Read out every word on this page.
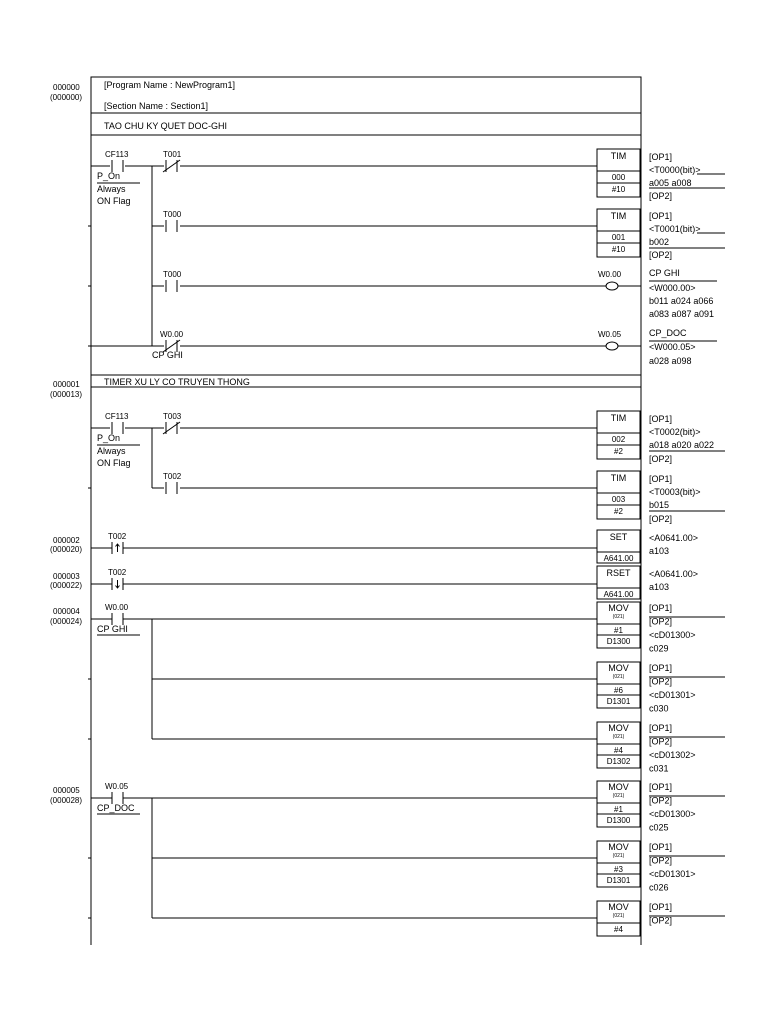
[Program Name : NewProgram1]
[Section Name : Section1]
TAO CHU KY QUET DOC-GHI
000000
(000000)
TIMER XU LY CO TRUYEN THONG
000001
(000013)
CF113
P_On
Always
ON Flag
T001
T000
T000
W0.00
CP GHI
TIM
000
#10
TIM
001
#10
W0.00
W0.05
[OP1]
<T0000(bit)>
a005 a008
[OP2]
[OP1]
<T0001(bit)>
b002
[OP2]
CP GHI
<W000.00>
b011 a024 a066
a083 a087 a091
CP_DOC
<W000.05>
a028 a098
CF113
P_On
Always
ON Flag
T003
T002
TIM
002
#2
TIM
003
#2
[OP1]
<T0002(bit)>
a018 a020 a022
[OP2]
[OP1]
<T0003(bit)>
b015
[OP2]
000002
(000020)
T002	SET
A641.00
<A0641.00>
a103
000003
(000022)
T002	RSET
A641.00
<A0641.00>
a103
000004
(000024)
W0.00
CP GHI
000005
(000028)
W0.05
CP_DOC
MOV
(021)
#1
D1300
[OP1]
[OP2]
<cD01300>
c029
MOV
(021)
#6
D1301
[OP1]
[OP2]
<cD01301>
c030
MOV
(021)
#4
D1302
[OP1]
[OP2]
<cD01302>
c031
MOV
(021)
#1
D1300
[OP1]
[OP2]
<cD01300>
c025
MOV
(021)
#3
D1301
[OP1]
[OP2]
<cD01301>
c026
MOV
(021)
#4
[OP1]
[OP2]
